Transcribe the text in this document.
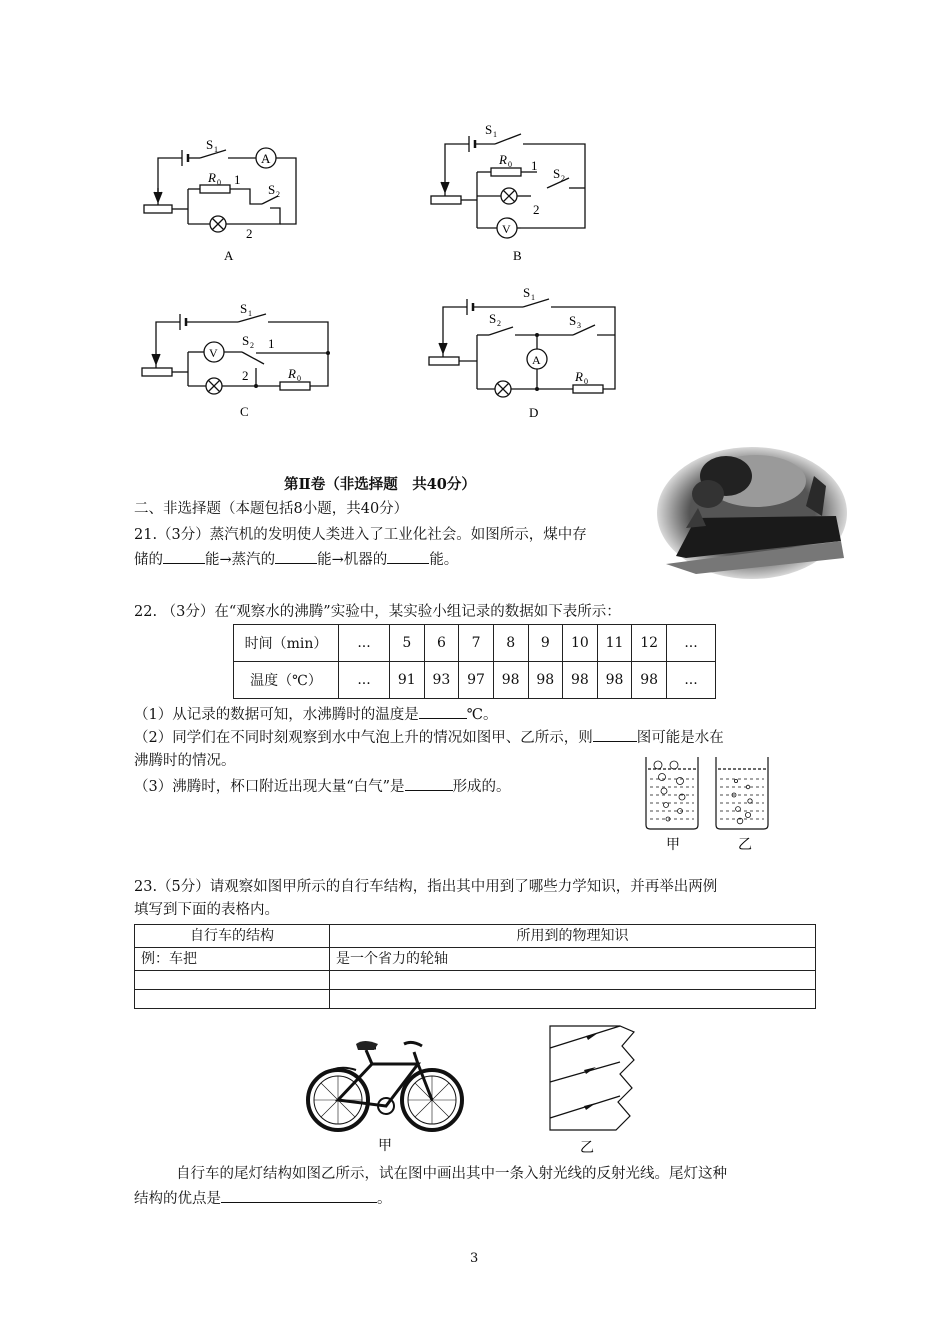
S 1
A
R 0 1
S 2
2
A
S 1
R 0 1
S 2
2
V
B
S 1
V
S 2 1
2	R 0
C
S 1
S 2	S 3
A
R 0
D
第Ⅱ卷（非选择题　共40分）
二、非选择题（本题包括8小题，共40分）
21.（3分）蒸汽机的发明使人类进入了工业化社会。如图所示，煤中存
储的	能→蒸汽的	能→机器的	能。
22. （3分）在“观察水的沸腾”实验中，某实验小组记录的数据如下表所示：
时间（min）	...	5	6	7	8	9	10	11	12	...
温度（℃）	...	91	93	97	98	98	98	98	98	...
（1）从记录的数据可知，水沸腾时的温度是	℃。
（2）同学们在不同时刻观察到水中气泡上升的情况如图甲、乙所示，则	图可能是水在
沸腾时的情况。
（3）沸腾时，杯口附近出现大量“白气”是	形成的。
甲	乙
23.（5分）请观察如图甲所示的自行车结构，指出其中用到了哪些力学知识，并再举出两例
填写到下面的表格内。
自行车的结构	所用到的物理知识
例：车把	是一个省力的轮轴

甲	乙
自行车的尾灯结构如图乙所示，试在图中画出其中一条入射光线的反射光线。尾灯这种
结构的优点是	。
3
